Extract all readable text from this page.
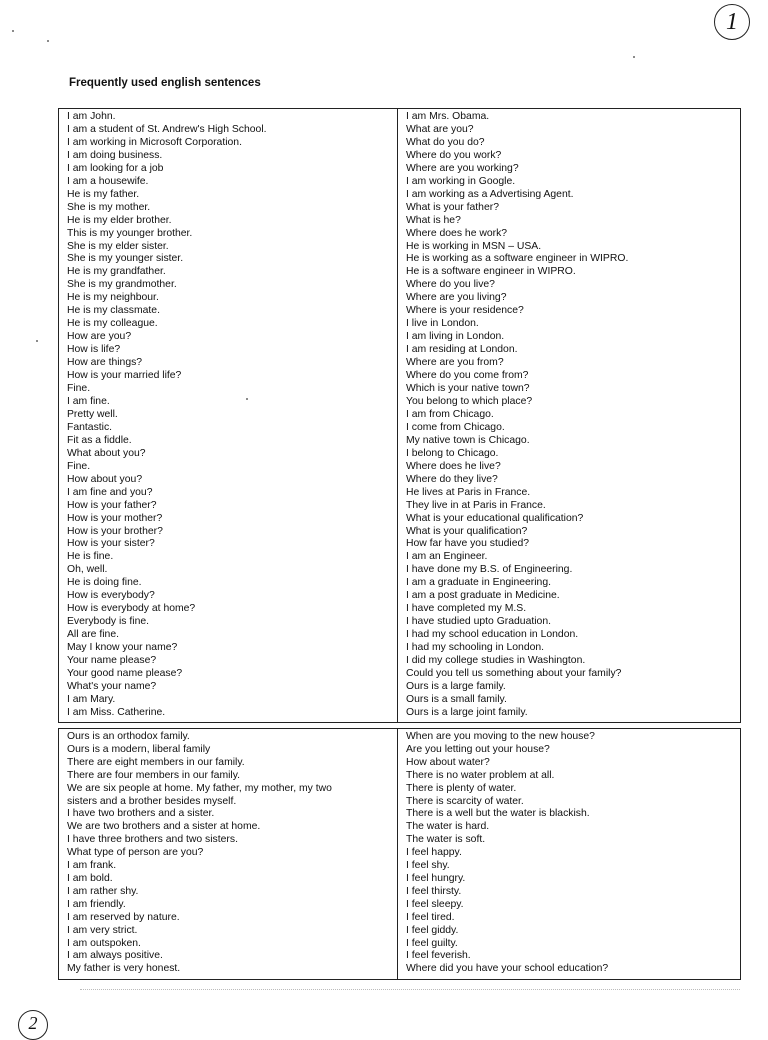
1
Frequently used english sentences
I am John.
I am a student of St. Andrew's High School.
I am working in Microsoft Corporation.
I am doing business.
I am looking for a job
I am a housewife.
He is my father.
She is my mother.
He is my elder brother.
This is my younger brother.
She is my elder sister.
She is my younger sister.
He is my grandfather.
She is my grandmother.
He is my neighbour.
He is my classmate.
He is my colleague.
How are you?
How is life?
How are things?
How is your married life?
Fine.
I am fine.
Pretty well.
Fantastic.
Fit as a fiddle.
What about you?
Fine.
How about you?
I am fine and you?
How is your father?
How is your mother?
How is your brother?
How is your sister?
He is fine.
Oh, well.
He is doing fine.
How is everybody?
How is everybody at home?
Everybody is fine.
All are fine.
May I know your name?
Your name please?
Your good name please?
What's your name?
I am Mary.
I am Miss. Catherine.
I am Mrs. Obama.
What are you?
What do you do?
Where do you work?
Where are you working?
I am working in Google.
I am working as a Advertising Agent.
What is your father?
What is he?
Where does he work?
He is working in MSN – USA.
He is working as a software engineer in WIPRO.
He is a software engineer in WIPRO.
Where do you live?
Where are you living?
Where is your residence?
I live in London.
I am living in London.
I am residing at London.
Where are you from?
Where do you come from?
Which is your native town?
You belong to which place?
I am from Chicago.
I come from Chicago.
My native town is Chicago.
I belong to Chicago.
Where does he live?
Where do they live?
He lives at Paris in France.
They live in at Paris in France.
What is your educational qualification?
What is your qualification?
How far have you studied?
I am an Engineer.
I have done my B.S. of Engineering.
I am a graduate in Engineering.
I am a post graduate in Medicine.
I have completed my M.S.
I have studied upto Graduation.
I had my school education in London.
I had my schooling in London.
I did my college studies in Washington.
Could you tell us something about your family?
Ours is a large family.
Ours is a small family.
Ours is a large joint family.
Ours is an orthodox family.
Ours is a modern, liberal family
There are eight members in our family.
There are four members in our family.
We are six people at home. My father, my mother, my two
sisters and a brother besides myself.
I have two brothers and a sister.
We are two brothers and a sister at home.
I have three brothers and two sisters.
What type of person are you?
I am frank.
I am bold.
I am rather shy.
I am friendly.
I am reserved by nature.
I am very strict.
I am outspoken.
I am always positive.
My father is very honest.
When are you moving to the new house?
Are you letting out your house?
How about water?
There is no water problem at all.
There is plenty of water.
There is scarcity of water.
There is a well but the water is blackish.
The water is hard.
The water is soft.
I feel happy.
I feel shy.
I feel hungry.
I feel thirsty.
I feel sleepy.
I feel tired.
I feel giddy.
I feel guilty.
I feel feverish.
Where did you have your school education?
2
